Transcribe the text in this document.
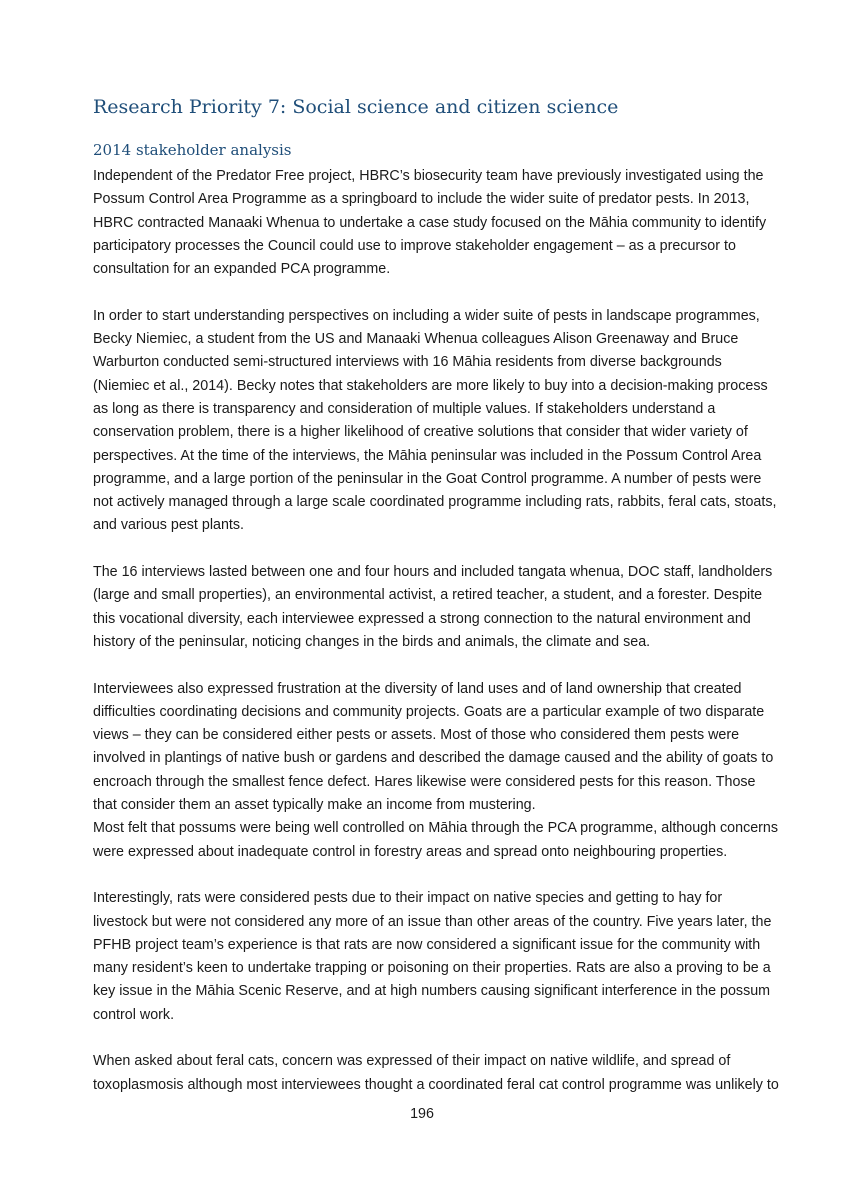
Research Priority 7: Social science and citizen science
2014 stakeholder analysis
Independent of the Predator Free project, HBRC’s biosecurity team have previously investigated using the
Possum Control Area Programme as a springboard to include the wider suite of predator pests. In 2013,
HBRC contracted Manaaki Whenua to undertake a case study focused on the Māhia community to identify
participatory processes the Council could use to improve stakeholder engagement – as a precursor to
consultation for an expanded PCA programme.
In order to start understanding perspectives on including a wider suite of pests in landscape programmes,
Becky Niemiec, a student from the US and Manaaki Whenua colleagues Alison Greenaway and Bruce
Warburton conducted semi-structured interviews with 16 Māhia residents from diverse backgrounds
(Niemiec et al., 2014). Becky notes that stakeholders are more likely to buy into a decision-making process
as long as there is transparency and consideration of multiple values. If stakeholders understand a
conservation problem, there is a higher likelihood of creative solutions that consider that wider variety of
perspectives. At the time of the interviews, the Māhia peninsular was included in the Possum Control Area
programme, and a large portion of the peninsular in the Goat Control programme. A number of pests were
not actively managed through a large scale coordinated programme including rats, rabbits, feral cats, stoats,
and various pest plants.
The 16 interviews lasted between one and four hours and included tangata whenua, DOC staff, landholders
(large and small properties), an environmental activist, a retired teacher, a student, and a forester. Despite
this vocational diversity, each interviewee expressed a strong connection to the natural environment and
history of the peninsular, noticing changes in the birds and animals, the climate and sea.
Interviewees also expressed frustration at the diversity of land uses and of land ownership that created
difficulties coordinating decisions and community projects. Goats are a particular example of two disparate
views – they can be considered either pests or assets. Most of those who considered them pests were
involved in plantings of native bush or gardens and described the damage caused and the ability of goats to
encroach through the smallest fence defect. Hares likewise were considered pests for this reason. Those
that consider them an asset typically make an income from mustering.
Most felt that possums were being well controlled on Māhia through the PCA programme, although concerns
were expressed about inadequate control in forestry areas and spread onto neighbouring properties.
Interestingly, rats were considered pests due to their impact on native species and getting to hay for
livestock but were not considered any more of an issue than other areas of the country. Five years later, the
PFHB project team’s experience is that rats are now considered a significant issue for the community with
many resident’s keen to undertake trapping or poisoning on their properties. Rats are also a proving to be a
key issue in the Māhia Scenic Reserve, and at high numbers causing significant interference in the possum
control work.
When asked about feral cats, concern was expressed of their impact on native wildlife, and spread of
toxoplasmosis although most interviewees thought a coordinated feral cat control programme was unlikely to
196
